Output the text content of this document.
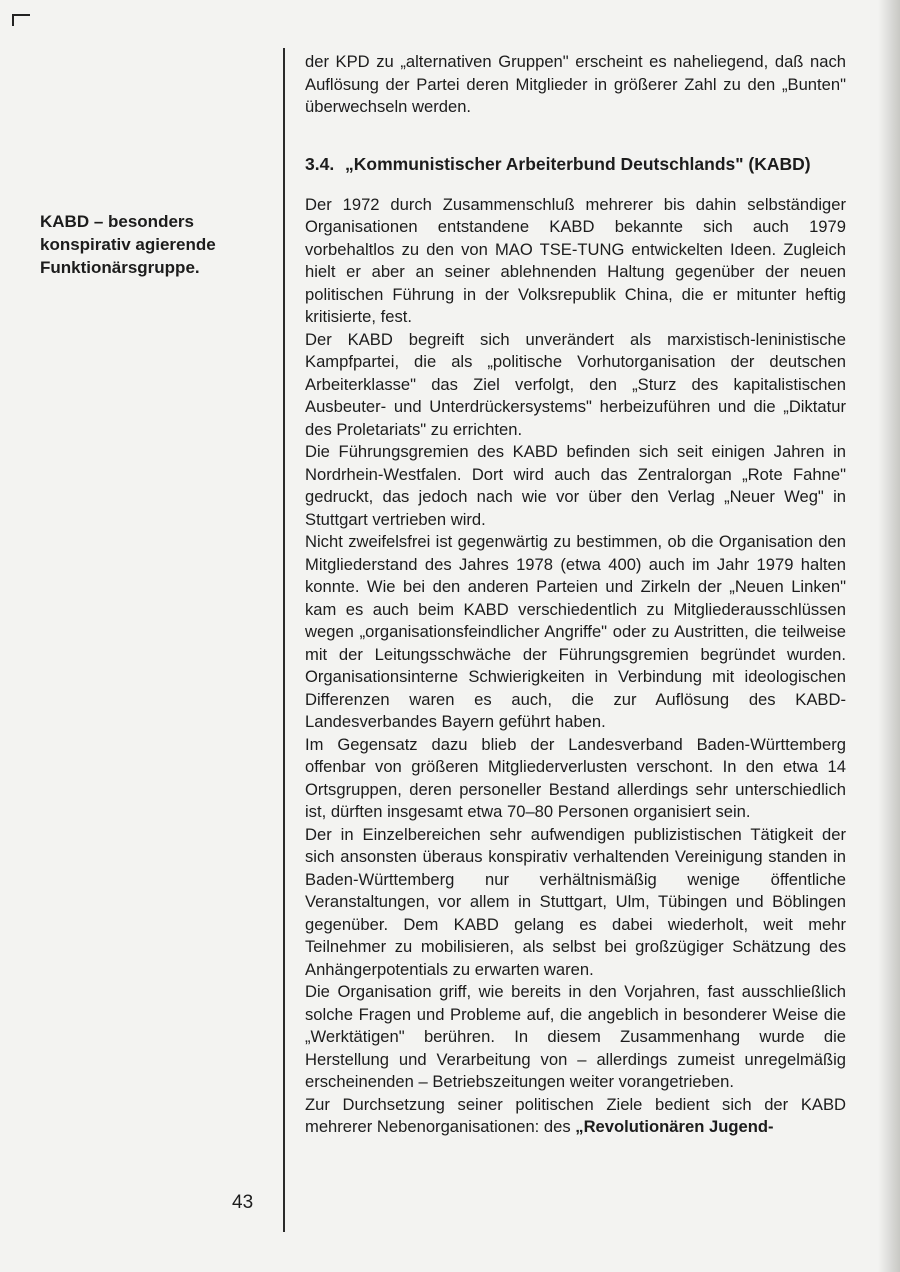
KABD – besonders konspirativ agierende Funktionärsgruppe.
43

der KPD zu „alternativen Gruppen" erscheint es naheliegend, daß nach Auflösung der Partei deren Mitglieder in größerer Zahl zu den „Bunten" überwechseln werden.

3.4. „Kommunistischer Arbeiterbund Deutschlands" (KABD)

Der 1972 durch Zusammenschluß mehrerer bis dahin selbständiger Organisationen entstandene KABD bekannte sich auch 1979 vorbehaltlos zu den von MAO TSE-TUNG entwickelten Ideen. Zugleich hielt er aber an seiner ablehnenden Haltung gegenüber der neuen politischen Führung in der Volksrepublik China, die er mitunter heftig kritisierte, fest.

Der KABD begreift sich unverändert als marxistisch-leninistische Kampfpartei, die als „politische Vorhutorganisation der deutschen Arbeiterklasse" das Ziel verfolgt, den „Sturz des kapitalistischen Ausbeuter- und Unterdrückersystems" herbeizuführen und die „Diktatur des Proletariats" zu errichten.

Die Führungsgremien des KABD befinden sich seit einigen Jahren in Nordrhein-Westfalen. Dort wird auch das Zentralorgan „Rote Fahne" gedruckt, das jedoch nach wie vor über den Verlag „Neuer Weg" in Stuttgart vertrieben wird.

Nicht zweifelsfrei ist gegenwärtig zu bestimmen, ob die Organisation den Mitgliederstand des Jahres 1978 (etwa 400) auch im Jahr 1979 halten konnte. Wie bei den anderen Parteien und Zirkeln der „Neuen Linken" kam es auch beim KABD verschiedentlich zu Mitgliederausschlüssen wegen „organisationsfeindlicher Angriffe" oder zu Austritten, die teilweise mit der Leitungsschwäche der Führungsgremien begründet wurden. Organisationsinterne Schwierigkeiten in Verbindung mit ideologischen Differenzen waren es auch, die zur Auflösung des KABD-Landesverbandes Bayern geführt haben.

Im Gegensatz dazu blieb der Landesverband Baden-Württemberg offenbar von größeren Mitgliederverlusten verschont. In den etwa 14 Ortsgruppen, deren personeller Bestand allerdings sehr unterschiedlich ist, dürften insgesamt etwa 70–80 Personen organisiert sein.

Der in Einzelbereichen sehr aufwendigen publizistischen Tätigkeit der sich ansonsten überaus konspirativ verhaltenden Vereinigung standen in Baden-Württemberg nur verhältnismäßig wenige öffentliche Veranstaltungen, vor allem in Stuttgart, Ulm, Tübingen und Böblingen gegenüber. Dem KABD gelang es dabei wiederholt, weit mehr Teilnehmer zu mobilisieren, als selbst bei großzügiger Schätzung des Anhängerpotentials zu erwarten waren.

Die Organisation griff, wie bereits in den Vorjahren, fast ausschließlich solche Fragen und Probleme auf, die angeblich in besonderer Weise die „Werktätigen" berühren. In diesem Zusammenhang wurde die Herstellung und Verarbeitung von – allerdings zumeist unregelmäßig erscheinenden – Betriebszeitungen weiter vorangetrieben.

Zur Durchsetzung seiner politischen Ziele bedient sich der KABD mehrerer Nebenorganisationen: des „Revolutionären Jugend-
